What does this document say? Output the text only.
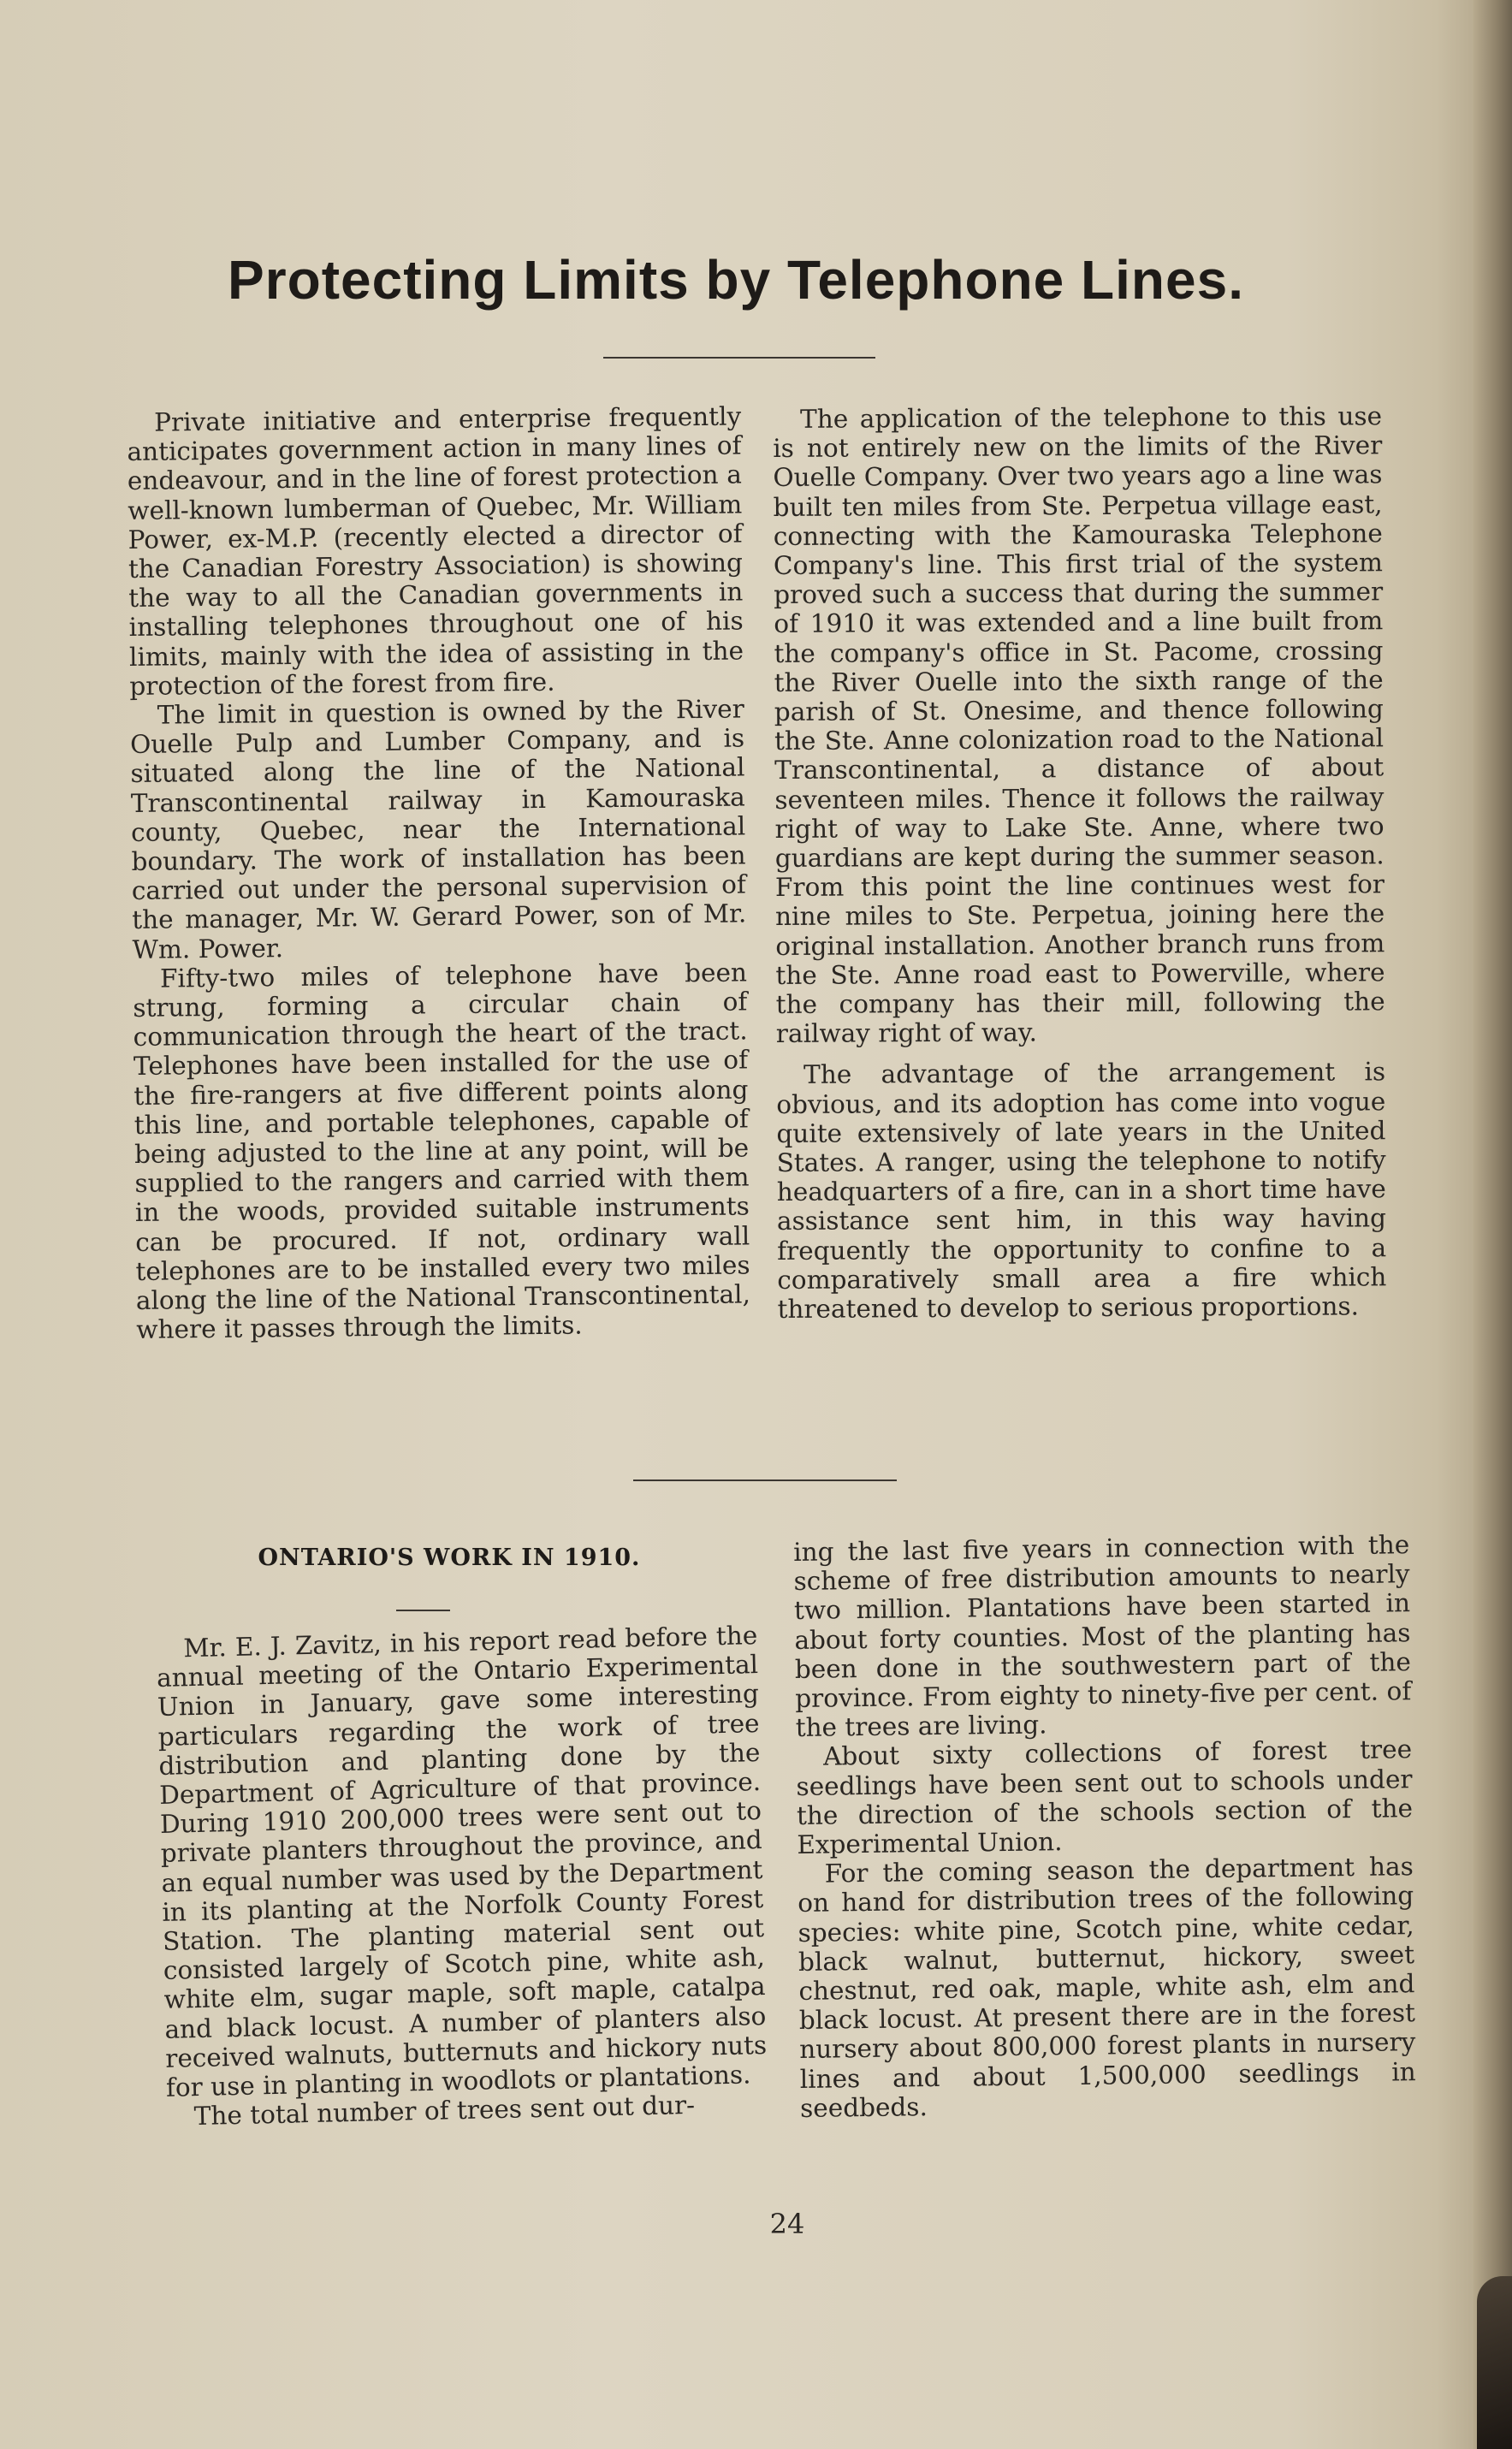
Protecting Limits by Telephone Lines.

Private initiative and enterprise frequently anticipates government action in many lines of endeavour, and in the line of forest protection a well-known lumberman of Quebec, Mr. William Power, ex-M.P. (recently elected a director of the Canadian Forestry Association) is showing the way to all the Canadian governments in installing telephones throughout one of his limits, mainly with the idea of assisting in the protection of the forest from fire.

The limit in question is owned by the River Ouelle Pulp and Lumber Company, and is situated along the line of the National Transcontinental railway in Kamouraska county, Quebec, near the International boundary. The work of installation has been carried out under the personal supervision of the manager, Mr. W. Gerard Power, son of Mr. Wm. Power.

Fifty-two miles of telephone have been strung, forming a circular chain of communication through the heart of the tract. Telephones have been installed for the use of the fire-rangers at five different points along this line, and portable telephones, capable of being adjusted to the line at any point, will be supplied to the rangers and carried with them in the woods, provided suitable instruments can be procured. If not, ordinary wall telephones are to be installed every two miles along the line of the National Transcontinental, where it passes through the limits.

The application of the telephone to this use is not entirely new on the limits of the River Ouelle Company. Over two years ago a line was built ten miles from Ste. Perpetua village east, connecting with the Kamouraska Telephone Company's line. This first trial of the system proved such a success that during the summer of 1910 it was extended and a line built from the company's office in St. Pacome, crossing the River Ouelle into the sixth range of the parish of St. Onesime, and thence following the Ste. Anne colonization road to the National Transcontinental, a distance of about seventeen miles. Thence it follows the railway right of way to Lake Ste. Anne, where two guardians are kept during the summer season. From this point the line continues west for nine miles to Ste. Perpetua, joining here the original installation. Another branch runs from the Ste. Anne road east to Powerville, where the company has their mill, following the railway right of way.

The advantage of the arrangement is obvious, and its adoption has come into vogue quite extensively of late years in the United States. A ranger, using the telephone to notify headquarters of a fire, can in a short time have assistance sent him, in this way having frequently the opportunity to confine to a comparatively small area a fire which threatened to develop to serious proportions.

ONTARIO'S WORK IN 1910.

Mr. E. J. Zavitz, in his report read before the annual meeting of the Ontario Experimental Union in January, gave some interesting particulars regarding the work of tree distribution and planting done by the Department of Agriculture of that province. During 1910 200,000 trees were sent out to private planters throughout the province, and an equal number was used by the Department in its planting at the Norfolk County Forest Station. The planting material sent out consisted largely of Scotch pine, white ash, white elm, sugar maple, soft maple, catalpa and black locust. A number of planters also received walnuts, butternuts and hickory nuts for use in planting in woodlots or plantations.

The total number of trees sent out dur-

ing the last five years in connection with the scheme of free distribution amounts to nearly two million. Plantations have been started in about forty counties. Most of the planting has been done in the southwestern part of the province. From eighty to ninety-five per cent. of the trees are living.

About sixty collections of forest tree seedlings have been sent out to schools under the direction of the schools section of the Experimental Union.

For the coming season the department has on hand for distribution trees of the following species: white pine, Scotch pine, white cedar, black walnut, butternut, hickory, sweet chestnut, red oak, maple, white ash, elm and black locust. At present there are in the forest nursery about 800,000 forest plants in nursery lines and about 1,500,000 seedlings in seedbeds.

24
